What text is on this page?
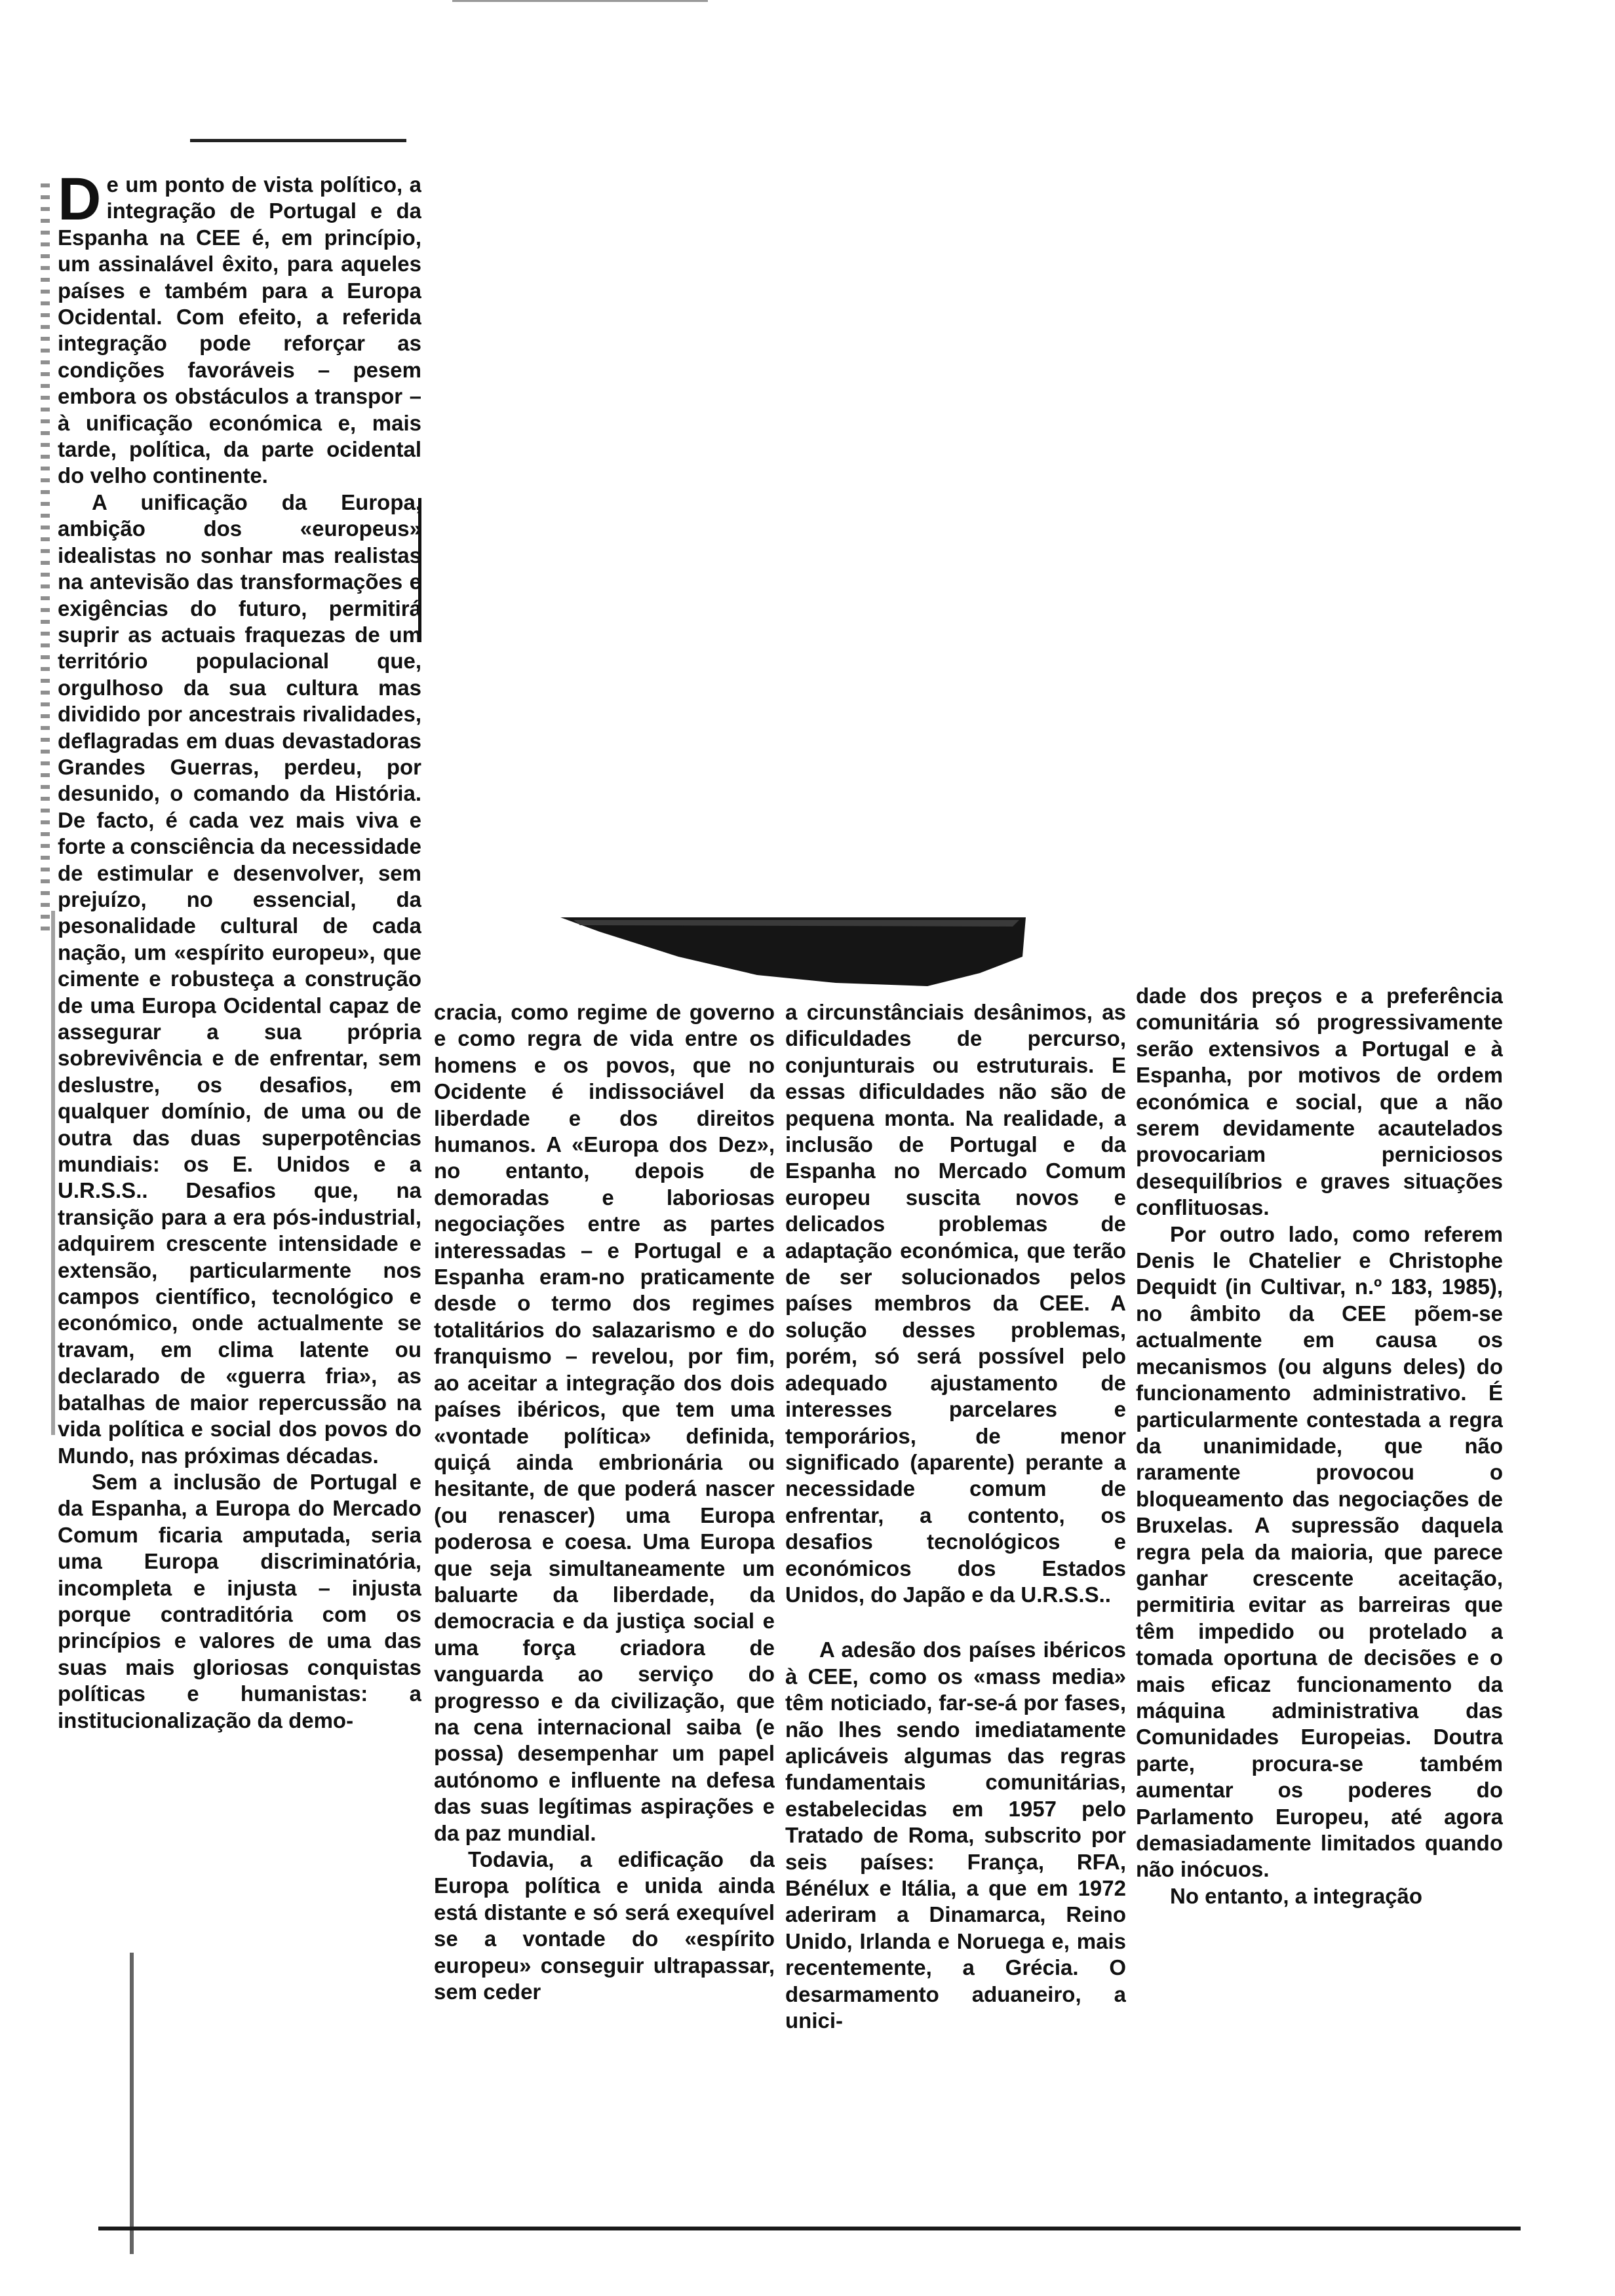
De um ponto de vista político, a integração de Portugal e da Espanha na CEE é, em princípio, um assinalável êxito, para aqueles países e também para a Europa Ocidental. Com efeito, a referida integração pode reforçar as condições favoráveis – pesem embora os obstáculos a transpor – à unificação económica e, mais tarde, política, da parte ocidental do velho continente.

A unificação da Europa, ambição dos «europeus» idealistas no sonhar mas realistas na antevisão das transformações e exigências do futuro, permitirá suprir as actuais fraquezas de um território populacional que, orgulhoso da sua cultura mas dividido por ancestrais rivalidades, deflagradas em duas devastadoras Grandes Guerras, perdeu, por desunido, o comando da História. De facto, é cada vez mais viva e forte a consciência da necessidade de estimular e desenvolver, sem prejuízo, no essencial, da pesonalidade cultural de cada nação, um «espírito europeu», que cimente e robusteça a construção de uma Europa Ocidental capaz de assegurar a sua própria sobrevivência e de enfrentar, sem deslustre, os desafios, em qualquer domínio, de uma ou de outra das duas superpotências mundiais: os E. Unidos e a U.R.S.S.. Desafios que, na transição para a era pós-industrial, adquirem crescente intensidade e extensão, particularmente nos campos científico, tecnológico e económico, onde actualmente se travam, em clima latente ou declarado de «guerra fria», as batalhas de maior repercussão na vida política e social dos povos do Mundo, nas próximas décadas.

Sem a inclusão de Portugal e da Espanha, a Europa do Mercado Comum ficaria amputada, seria uma Europa discriminatória, incompleta e injusta – injusta porque contraditória com os princípios e valores de uma das suas mais gloriosas conquistas políticas e humanistas: a institucionalização da demo-

cracia, como regime de governo e como regra de vida entre os homens e os povos, que no Ocidente é indissociável da liberdade e dos direitos humanos. A «Europa dos Dez», no entanto, depois de demoradas e laboriosas negociações entre as partes interessadas – e Portugal e a Espanha eram-no praticamente desde o termo dos regimes totalitários do salazarismo e do franquismo – revelou, por fim, ao aceitar a integração dos dois países ibéricos, que tem uma «vontade política» definida, quiçá ainda embrionária ou hesitante, de que poderá nascer (ou renascer) uma Europa poderosa e coesa. Uma Europa que seja simultaneamente um baluarte da liberdade, da democracia e da justiça social e uma força criadora de vanguarda ao serviço do progresso e da civilização, que na cena internacional saiba (e possa) desempenhar um papel autónomo e influente na defesa das suas legítimas aspirações e da paz mundial.

Todavia, a edificação da Europa política e unida ainda está distante e só será exequível se a vontade do «espírito europeu» conseguir ultrapassar, sem ceder

a circunstânciais desânimos, as dificuldades de percurso, conjunturais ou estruturais. E essas dificuldades não são de pequena monta. Na realidade, a inclusão de Portugal e da Espanha no Mercado Comum europeu suscita novos e delicados problemas de adaptação económica, que terão de ser solucionados pelos países membros da CEE. A solução desses problemas, porém, só será possível pelo adequado ajustamento de interesses parcelares e temporários, de menor significado (aparente) perante a necessidade comum de enfrentar, a contento, os desafios tecnológicos e económicos dos Estados Unidos, do Japão e da U.R.S.S..

A adesão dos países ibéricos à CEE, como os «mass media» têm noticiado, far-se-á por fases, não lhes sendo imediatamente aplicáveis algumas das regras fundamentais comunitárias, estabelecidas em 1957 pelo Tratado de Roma, subscrito por seis países: França, RFA, Bénélux e Itália, a que em 1972 aderiram a Dinamarca, Reino Unido, Irlanda e Noruega e, mais recentemente, a Grécia. O desarmamento aduaneiro, a unici-

dade dos preços e a preferência comunitária só progressivamente serão extensivos a Portugal e à Espanha, por motivos de ordem económica e social, que a não serem devidamente acautelados provocariam perniciosos desequilíbrios e graves situações conflituosas.

Por outro lado, como referem Denis le Chatelier e Christophe Dequidt (in Cultivar, n.º 183, 1985), no âmbito da CEE põem-se actualmente em causa os mecanismos (ou alguns deles) do funcionamento administrativo. É particularmente contestada a regra da unanimidade, que não raramente provocou o bloqueamento das negociações de Bruxelas. A supressão daquela regra pela da maioria, que parece ganhar crescente aceitação, permitiria evitar as barreiras que têm impedido ou protelado a tomada oportuna de decisões e o mais eficaz funcionamento da máquina administrativa das Comunidades Europeias. Doutra parte, procura-se também aumentar os poderes do Parlamento Europeu, até agora demasiadamente limitados quando não inócuos.

No entanto, a integração
